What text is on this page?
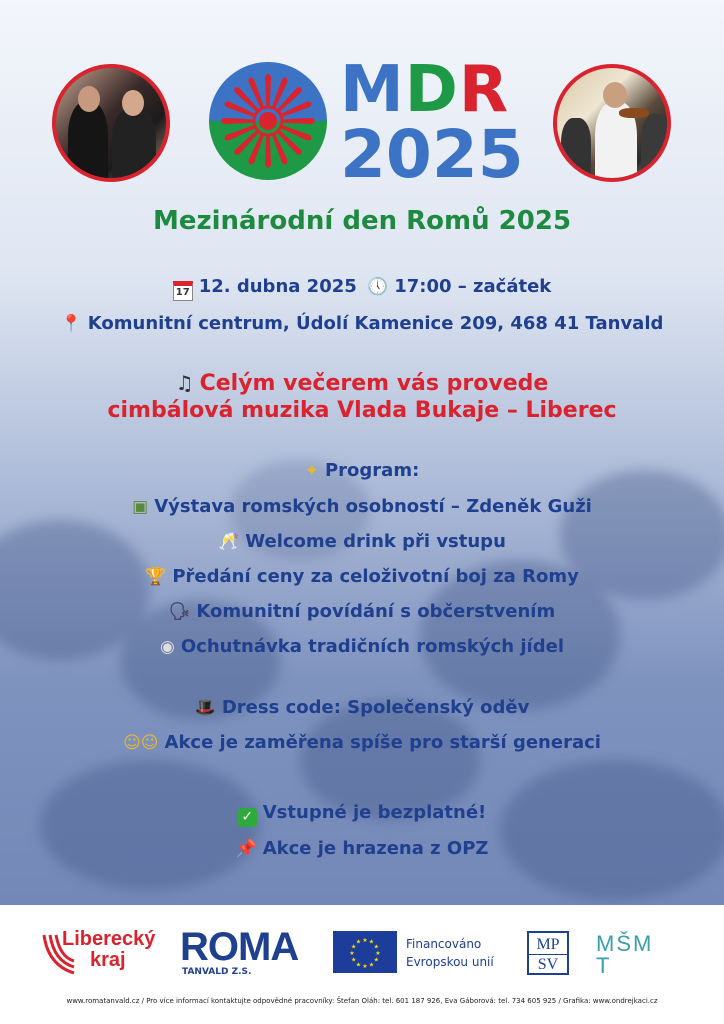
MDR
2025
Mezinárodní den Romů 2025
17 12. dubna 2025 🕔 17:00 – začátek
📍 Komunitní centrum, Údolí Kamenice 209, 468 41 Tanvald
♫ Celým večerem vás provede
cimbálová muzika Vlada Bukaje – Liberec
✦ Program:
▣ Výstava romských osobností – Zdeněk Guži
🥂 Welcome drink při vstupu
🏆 Předání ceny za celoživotní boj za Romy
🗣 Komunitní povídání s občerstvením
◉ Ochutnávka tradičních romských jídel
🎩 Dress code: Společenský oděv
☺☺ Akce je zaměřena spíše pro starší generaci
✓ Vstupné je bezplatné!
📌 Akce je hrazena z OPZ
Liberecký
kraj	ROMA
TANVALD Z.S.
★
★
★
★
★
★
★
★
★ ★ ★
★ Financováno
Evropskou unií
MP
SV
MŠMT
www.romatanvald.cz / Pro více informací kontaktujte odpovědné pracovníky: Štefan Oláh: tel. 601 187 926, Eva Gáborová: tel. 734 605 925 / Grafika: www.ondrejkaci.cz
